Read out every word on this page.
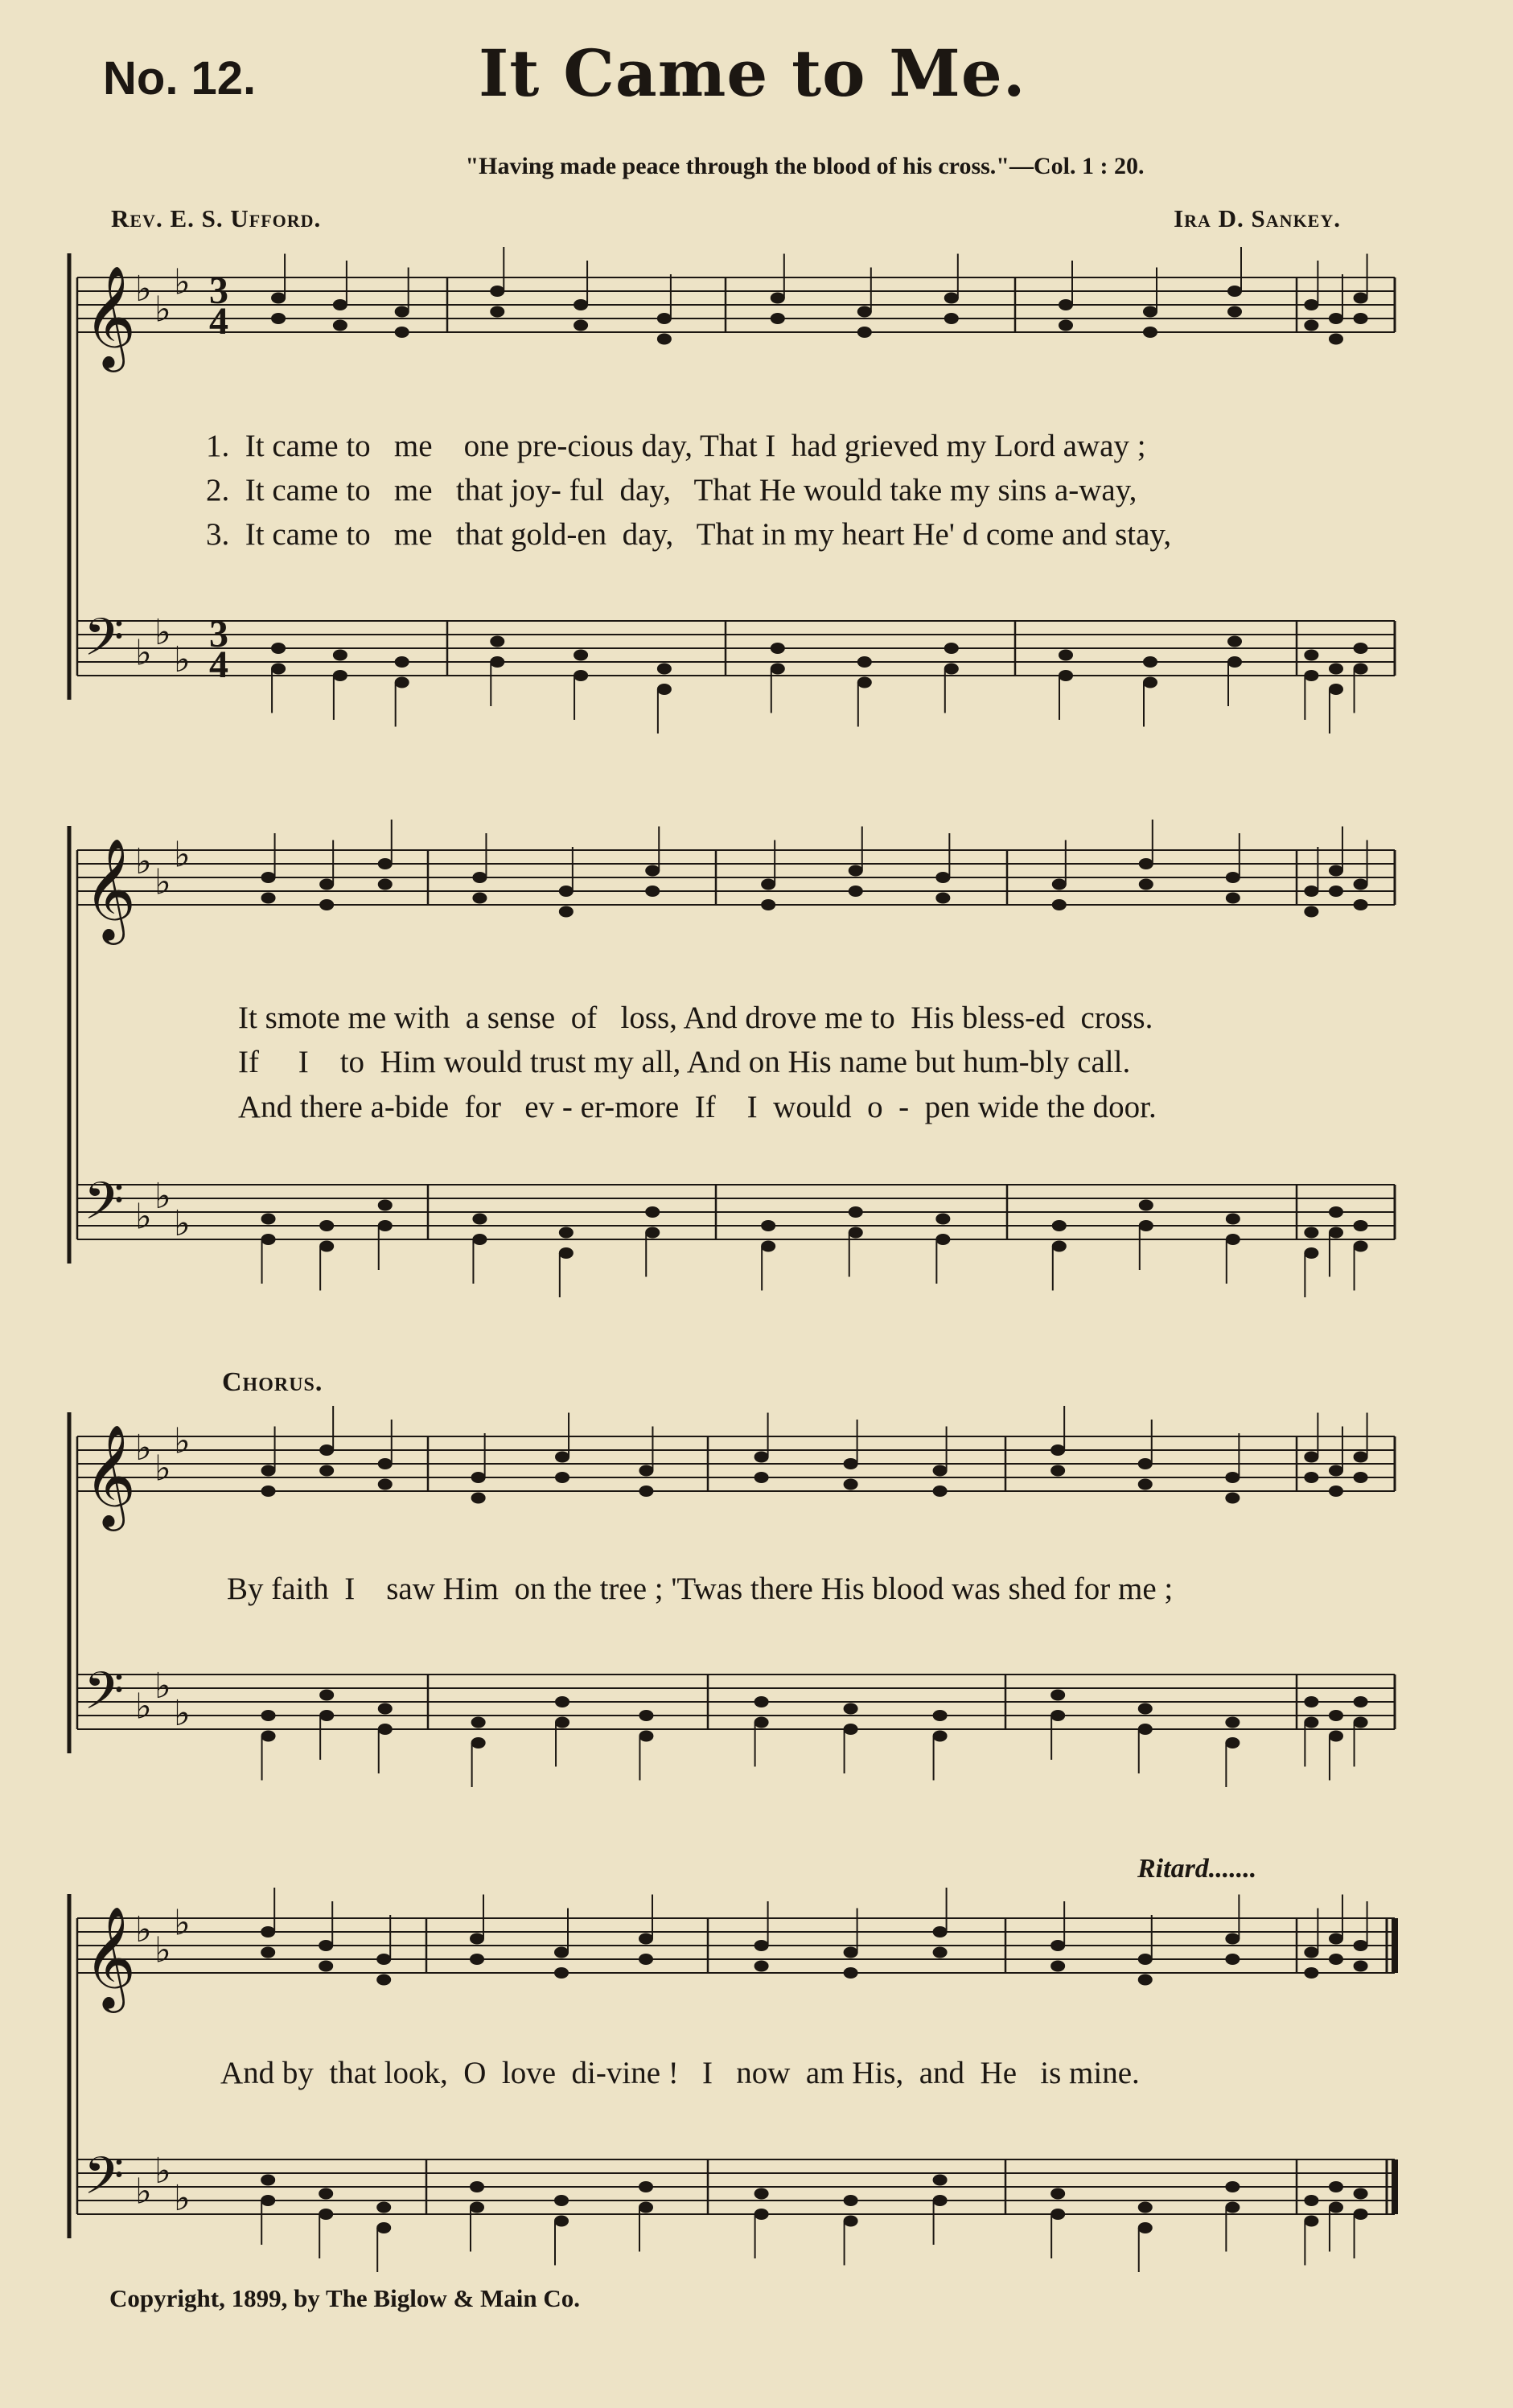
No. 12.	It Came to Me.
"Having made peace through the blood of his cross."—Col. 1 : 20.
Rev. E. S. Ufford.	Ira D. Sankey.
𝄞
𝄢
𝄞
𝄢
𝄞
𝄢
𝄞
𝄢
♭ ♭
♭
♭ ♭
♭
♭ ♭
♭
♭ ♭
♭
♭ ♭
♭
♭ ♭
♭
♭ ♭
♭
♭ ♭
♭
3
4
3
4
1.  It came to   me    one pre-cious day, That I  had grieved my Lord away ;
2.  It came to   me   that joy- ful  day,   That He would take my sins a-way,
3.  It came to   me   that gold-en  day,   That in my heart He' d come and stay,
It smote me with  a sense  of   loss, And drove me to  His bless-ed  cross.
If     I    to  Him would trust my all, And on His name but hum-bly call.
And there a-bide  for   ev - er-more  If    I  would  o  -  pen wide the door.
Chorus.
By faith  I    saw Him  on the tree ; 'Twas there His blood was shed for me ;
Ritard.......
And by  that look,  O  love  di-vine !   I   now  am His,  and  He   is mine.
Copyright, 1899, by The Biglow & Main Co.
